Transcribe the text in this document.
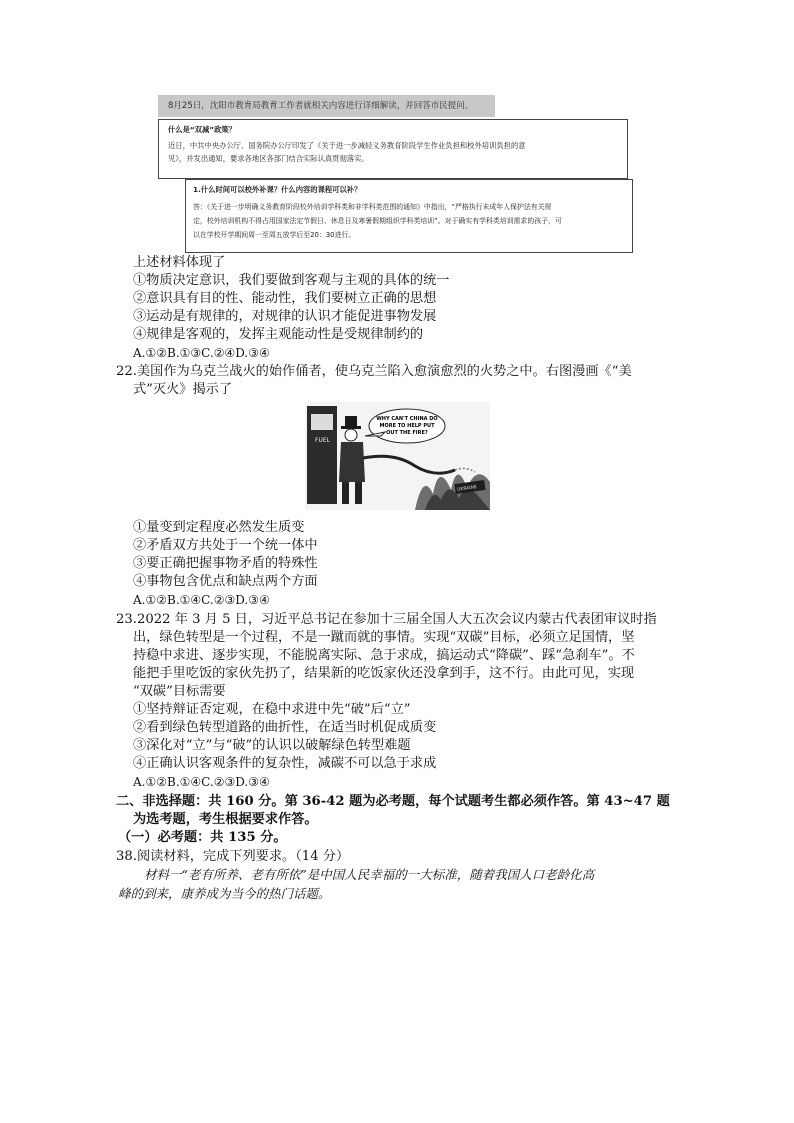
8月25日，沈阳市教育局教育工作者就相关内容进行详细解读，并回答市民提问。
什么是“双减”政策？
近日，中共中央办公厅、国务院办公厅印发了《关于进一步减轻义务教育阶段学生作业负担和校外培训负担的意
见》，并发出通知，要求各地区各部门结合实际认真贯彻落实。
1.什么时间可以校外补课？什么内容的课程可以补？
答：《关于进一步明确义务教育阶段校外培训学科类和非学科类范围的通知》中指出，“严格执行未成年人保护法有关规
定，校外培训机构不得占用国家法定节假日、休息日及寒暑假期组织学科类培训”。对于确实有学科类培训需求的孩子，可
以在学校开学期间周一至周五放学后至20：30进行。
上述材料体现了
①物质决定意识，我们要做到客观与主观的具体的统一
②意识具有目的性、能动性，我们要树立正确的思想
③运动是有规律的，对规律的认识才能促进事物发展
④规律是客观的，发挥主观能动性是受规律制约的
A.①②B.①③C.②④D.③④
22.美国作为乌克兰战火的始作俑者，使乌克兰陷入愈演愈烈的火势之中。右图漫画《“美
式”灭火》揭示了
FUEL
UKRAINE
WHY CAN'T CHINA DO
MORE TO HELP PUT
OUT THE FIRE?
①量变到定程度必然发生质变
②矛盾双方共处于一个统一体中
③要正确把握事物矛盾的特殊性
④事物包含优点和缺点两个方面
A.①②B.①④C.②③D.③④
23.2022 年 3 月 5 日，习近平总书记在参加十三届全国人大五次会议内蒙古代表团审议时指
出，绿色转型是一个过程，不是一蹴而就的事情。实现“双碳”目标，必须立足国情，坚
持稳中求进、逐步实现，不能脱离实际、急于求成，搞运动式“降碳”、踩“急刹车”。不
能把手里吃饭的家伙先扔了，结果新的吃饭家伙还没拿到手，这不行。由此可见，实现
“双碳”目标需要
①坚持辩证否定观，在稳中求进中先“破”后“立”
②看到绿色转型道路的曲折性，在适当时机促成质变
③深化对“立”与“破”的认识以破解绿色转型难题
④正确认识客观条件的复杂性，减碳不可以急于求成
A.①②B.①④C.②③D.③④
二、非选择题：共 160 分。第 36-42 题为必考题，每个试题考生都必须作答。第 43~47 题
为选考题，考生根据要求作答。
（一）必考题：共 135 分。
38.阅读材料，完成下列要求。（14 分）
材料一“老有所养、老有所依”是中国人民幸福的一大标准，随着我国人口老龄化高
峰的到来，康养成为当今的热门话题。
